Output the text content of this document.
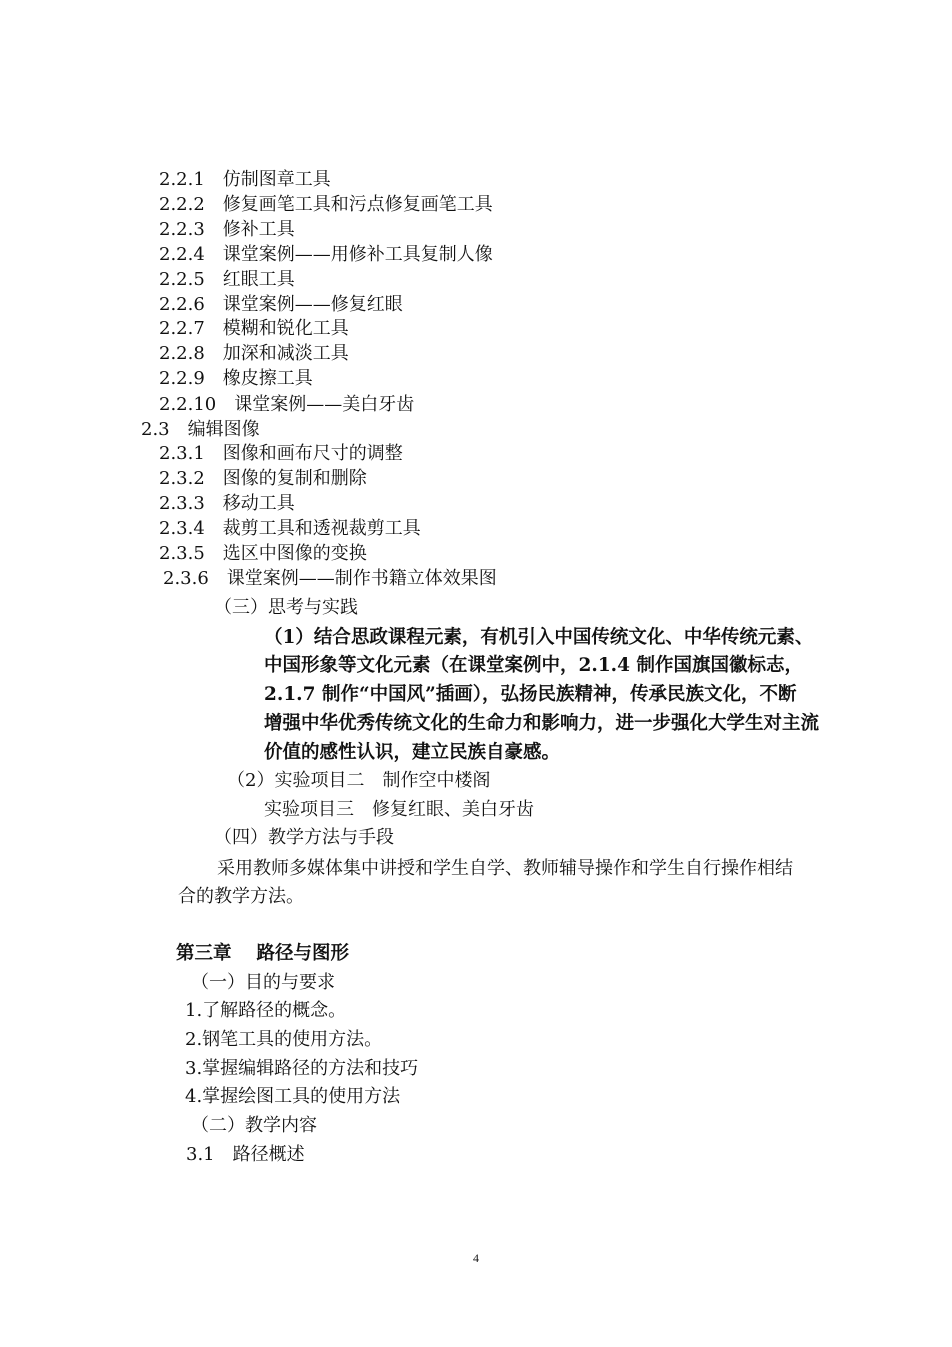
2.2.1　仿制图章工具
2.2.2　修复画笔工具和污点修复画笔工具
2.2.3　修补工具
2.2.4　课堂案例——用修补工具复制人像
2.2.5　红眼工具
2.2.6　课堂案例——修复红眼
2.2.7　模糊和锐化工具
2.2.8　加深和减淡工具
2.2.9　橡皮擦工具
2.2.10　课堂案例——美白牙齿
2.3　编辑图像
2.3.1　图像和画布尺寸的调整
2.3.2　图像的复制和删除
2.3.3　移动工具
2.3.4　裁剪工具和透视裁剪工具
2.3.5　选区中图像的变换
2.3.6　课堂案例——制作书籍立体效果图
（三）思考与实践
（1）结合思政课程元素，有机引入中国传统文化、中华传统元素、
中国形象等文化元素（在课堂案例中，2.1.4 制作国旗国徽标志，
2.1.7 制作“中国风”插画），弘扬民族精神，传承民族文化，不断
增强中华优秀传统文化的生命力和影响力，进一步强化大学生对主流
价值的感性认识，建立民族自豪感。
（2）实验项目二　制作空中楼阁
实验项目三　修复红眼、美白牙齿
（四）教学方法与手段
采用教师多媒体集中讲授和学生自学、教师辅导操作和学生自行操作相结
合的教学方法。
第三章　 路径与图形
（一）目的与要求
1.了解路径的概念。
2.钢笔工具的使用方法。
3.掌握编辑路径的方法和技巧
4.掌握绘图工具的使用方法
（二）教学内容
3.1　路径概述
4
